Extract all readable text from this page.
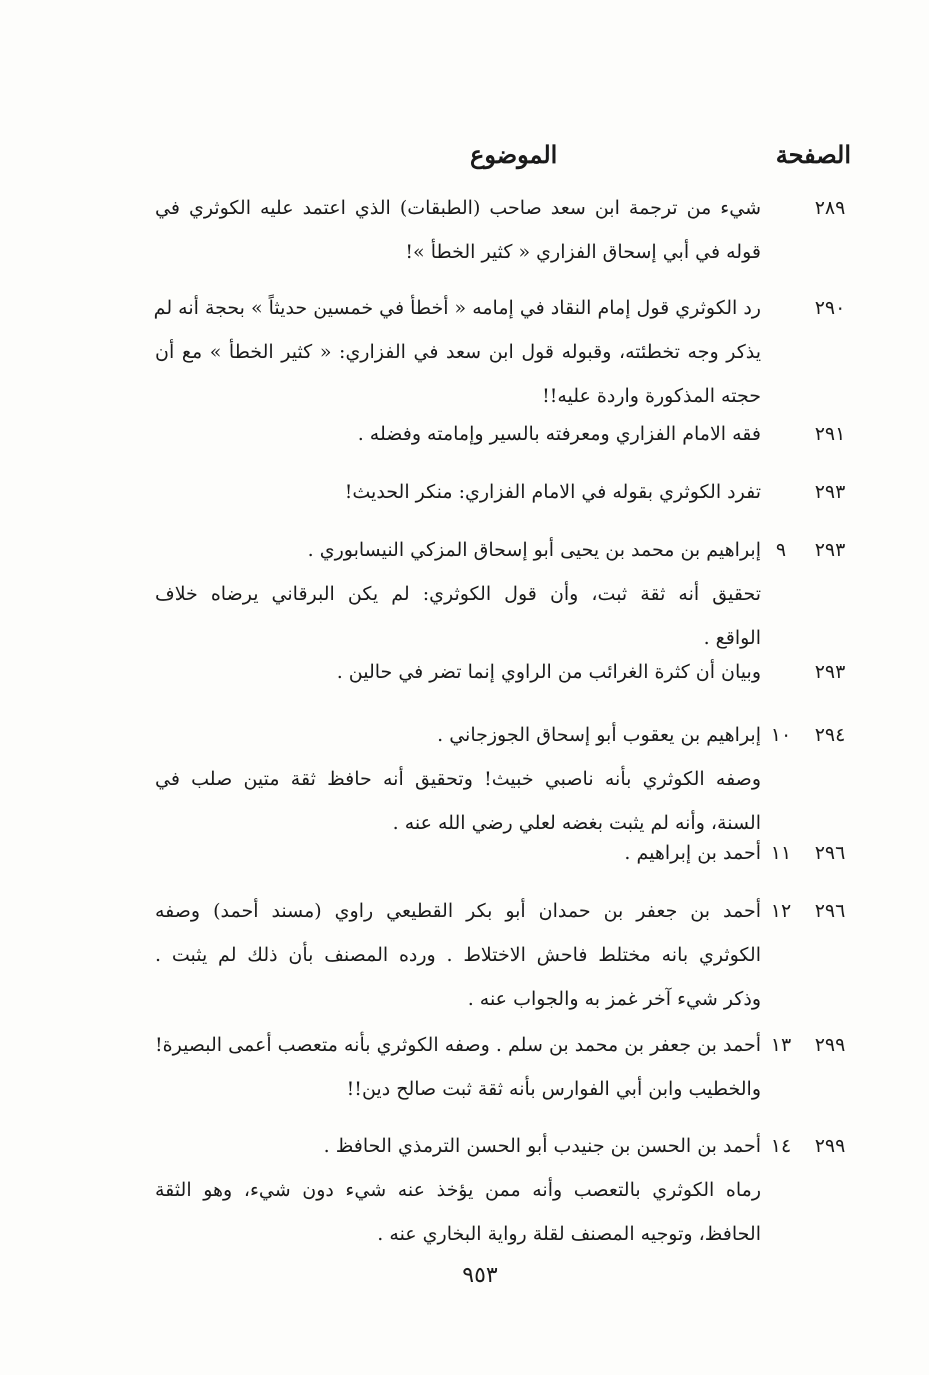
الصفحة
الموضوع
٢٨٩
شيء من ترجمة ابن سعد صاحب (الطبقات) الذي اعتمد عليه الكوثري في
قوله في أبي إسحاق الفزاري « كثير الخطأ »!
٢٩٠
رد الكوثري قول إمام النقاد في إمامه « أخطأ في خمسين حديثاً » بحجة أنه لم
يذكر وجه تخطئته، وقبوله قول ابن سعد في الفزاري: « كثير الخطأ » مع أن
حجته المذكورة واردة عليه!!
٢٩١
فقه الامام الفزاري ومعرفته بالسير وإمامته وفضله .
٢٩٣
تفرد الكوثري بقوله في الامام الفزاري: منكر الحديث!
٢٩٣
٩
إبراهيم بن محمد بن يحيى أبو إسحاق المزكي النيسابوري .
تحقيق أنه ثقة ثبت، وأن قول الكوثري: لم يكن البرقاني يرضاه خلاف
الواقع .
٢٩٣
وبيان أن كثرة الغرائب من الراوي إنما تضر في حالين .
٢٩٤
١٠
إبراهيم بن يعقوب أبو إسحاق الجوزجاني .
وصفه الكوثري بأنه ناصبي خبيث! وتحقيق أنه حافظ ثقة متين صلب في
السنة، وأنه لم يثبت بغضه لعلي رضي الله عنه .
٢٩٦
١١
أحمد بن إبراهيم .
٢٩٦
١٢
أحمد بن جعفر بن حمدان أبو بكر القطيعي راوي (مسند أحمد) وصفه
الكوثري بانه مختلط فاحش الاختلاط . ورده المصنف بأن ذلك لم يثبت .
وذكر شيء آخر غمز به والجواب عنه .
٢٩٩
١٣
أحمد بن جعفر بن محمد بن سلم . وصفه الكوثري بأنه متعصب أعمى البصيرة!
والخطيب وابن أبي الفوارس بأنه ثقة ثبت صالح دين!!
٢٩٩
١٤
أحمد بن الحسن بن جنيدب أبو الحسن الترمذي الحافظ .
رماه الكوثري بالتعصب وأنه ممن يؤخذ عنه شيء دون شيء، وهو الثقة
الحافظ، وتوجيه المصنف لقلة رواية البخاري عنه .
٩٥٣
